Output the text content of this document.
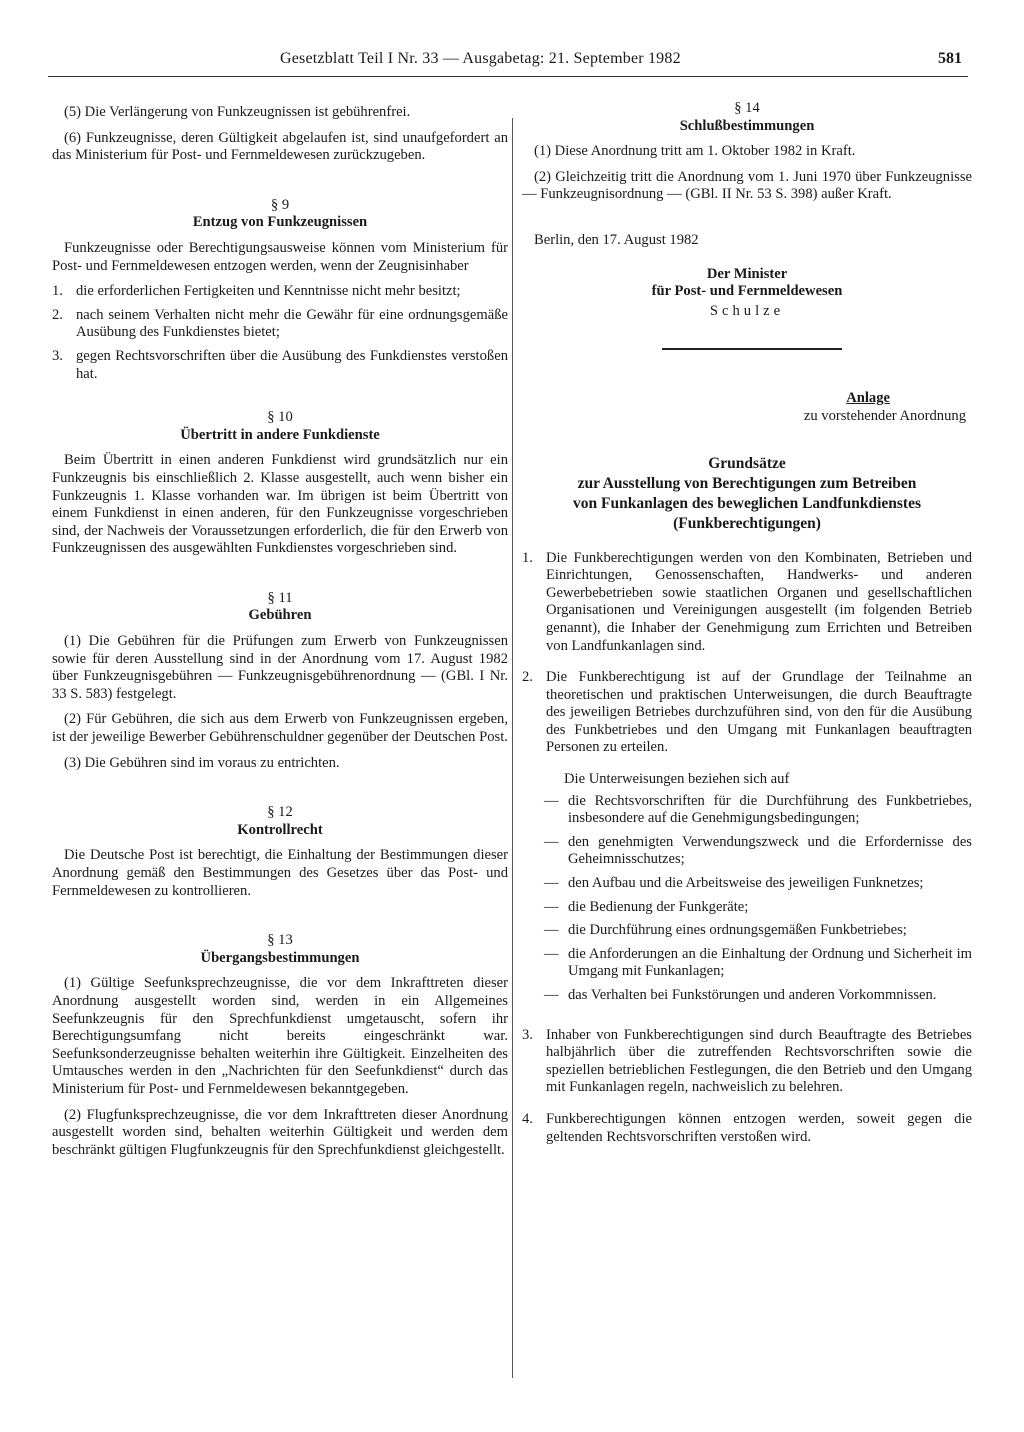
Gesetzblatt Teil I Nr. 33 — Ausgabetag: 21. September 1982	581

(5) Die Verlängerung von Funkzeugnissen ist gebührenfrei.

(6) Funkzeugnisse, deren Gültigkeit abgelaufen ist, sind unaufgefordert an das Ministerium für Post- und Fernmeldewesen zurückzugeben.

§ 9

Entzug von Funkzeugnissen

Funkzeugnisse oder Berechtigungsausweise können vom Ministerium für Post- und Fernmeldewesen entzogen werden, wenn der Zeugnisinhaber

1. die erforderlichen Fertigkeiten und Kenntnisse nicht mehr besitzt;
2. nach seinem Verhalten nicht mehr die Gewähr für eine ordnungsgemäße Ausübung des Funkdienstes bietet;
3. gegen Rechtsvorschriften über die Ausübung des Funkdienstes verstoßen hat.

§ 10

Übertritt in andere Funkdienste

Beim Übertritt in einen anderen Funkdienst wird grundsätzlich nur ein Funkzeugnis bis einschließlich 2. Klasse ausgestellt, auch wenn bisher ein Funkzeugnis 1. Klasse vorhanden war. Im übrigen ist beim Übertritt von einem Funkdienst in einen anderen, für den Funkzeugnisse vorgeschrieben sind, der Nachweis der Voraussetzungen erforderlich, die für den Erwerb von Funkzeugnissen des ausgewählten Funkdienstes vorgeschrieben sind.

§ 11

Gebühren

(1) Die Gebühren für die Prüfungen zum Erwerb von Funkzeugnissen sowie für deren Ausstellung sind in der Anordnung vom 17. August 1982 über Funkzeugnisgebühren — Funkzeugnisgebührenordnung — (GBl. I Nr. 33 S. 583) festgelegt.

(2) Für Gebühren, die sich aus dem Erwerb von Funkzeugnissen ergeben, ist der jeweilige Bewerber Gebührenschuldner gegenüber der Deutschen Post.

(3) Die Gebühren sind im voraus zu entrichten.

§ 12

Kontrollrecht

Die Deutsche Post ist berechtigt, die Einhaltung der Bestimmungen dieser Anordnung gemäß den Bestimmungen des Gesetzes über das Post- und Fernmeldewesen zu kontrollieren.

§ 13

Übergangsbestimmungen

(1) Gültige Seefunksprechzeugnisse, die vor dem Inkrafttreten dieser Anordnung ausgestellt worden sind, werden in ein Allgemeines Seefunkzeugnis für den Sprechfunkdienst umgetauscht, sofern ihr Berechtigungsumfang nicht bereits eingeschränkt war. Seefunksonderzeugnisse behalten weiterhin ihre Gültigkeit. Einzelheiten des Umtausches werden in den „Nachrichten für den Seefunkdienst“ durch das Ministerium für Post- und Fernmeldewesen bekanntgegeben.

(2) Flugfunksprechzeugnisse, die vor dem Inkrafttreten dieser Anordnung ausgestellt worden sind, behalten weiterhin Gültigkeit und werden dem beschränkt gültigen Flugfunkzeugnis für den Sprechfunkdienst gleichgestellt.

§ 14

Schlußbestimmungen

(1) Diese Anordnung tritt am 1. Oktober 1982 in Kraft.

(2) Gleichzeitig tritt die Anordnung vom 1. Juni 1970 über Funkzeugnisse — Funkzeugnisordnung — (GBl. II Nr. 53 S. 398) außer Kraft.

Berlin, den 17. August 1982

Der Minister

für Post- und Fernmeldewesen

Schulze

Anlage

zu vorstehender Anordnung

Grundsätze

zur Ausstellung von Berechtigungen zum Betreiben

von Funkanlagen des beweglichen Landfunkdienstes

(Funkberechtigungen)

1. Die Funkberechtigungen werden von den Kombinaten, Betrieben und Einrichtungen, Genossenschaften, Handwerks- und anderen Gewerbebetrieben sowie staatlichen Organen und gesellschaftlichen Organisationen und Vereinigungen ausgestellt (im folgenden Betrieb genannt), die Inhaber der Genehmigung zum Errichten und Betreiben von Landfunkanlagen sind.
2. Die Funkberechtigung ist auf der Grundlage der Teilnahme an theoretischen und praktischen Unterweisungen, die durch Beauftragte des jeweiligen Betriebes durchzuführen sind, von den für die Ausübung des Funkbetriebes und den Umgang mit Funkanlagen beauftragten Personen zu erteilen.

Die Unterweisungen beziehen sich auf

— die Rechtsvorschriften für die Durchführung des Funkbetriebes, insbesondere auf die Genehmigungsbedingungen;
— den genehmigten Verwendungszweck und die Erfordernisse des Geheimnisschutzes;
— den Aufbau und die Arbeitsweise des jeweiligen Funknetzes;
— die Bedienung der Funkgeräte;
— die Durchführung eines ordnungsgemäßen Funkbetriebes;
— die Anforderungen an die Einhaltung der Ordnung und Sicherheit im Umgang mit Funkanlagen;
— das Verhalten bei Funkstörungen und anderen Vorkommnissen.
3. Inhaber von Funkberechtigungen sind durch Beauftragte des Betriebes halbjährlich über die zutreffenden Rechtsvorschriften sowie die speziellen betrieblichen Festlegungen, die den Betrieb und den Umgang mit Funkanlagen regeln, nachweislich zu belehren.
4. Funkberechtigungen können entzogen werden, soweit gegen die geltenden Rechtsvorschriften verstoßen wird.
